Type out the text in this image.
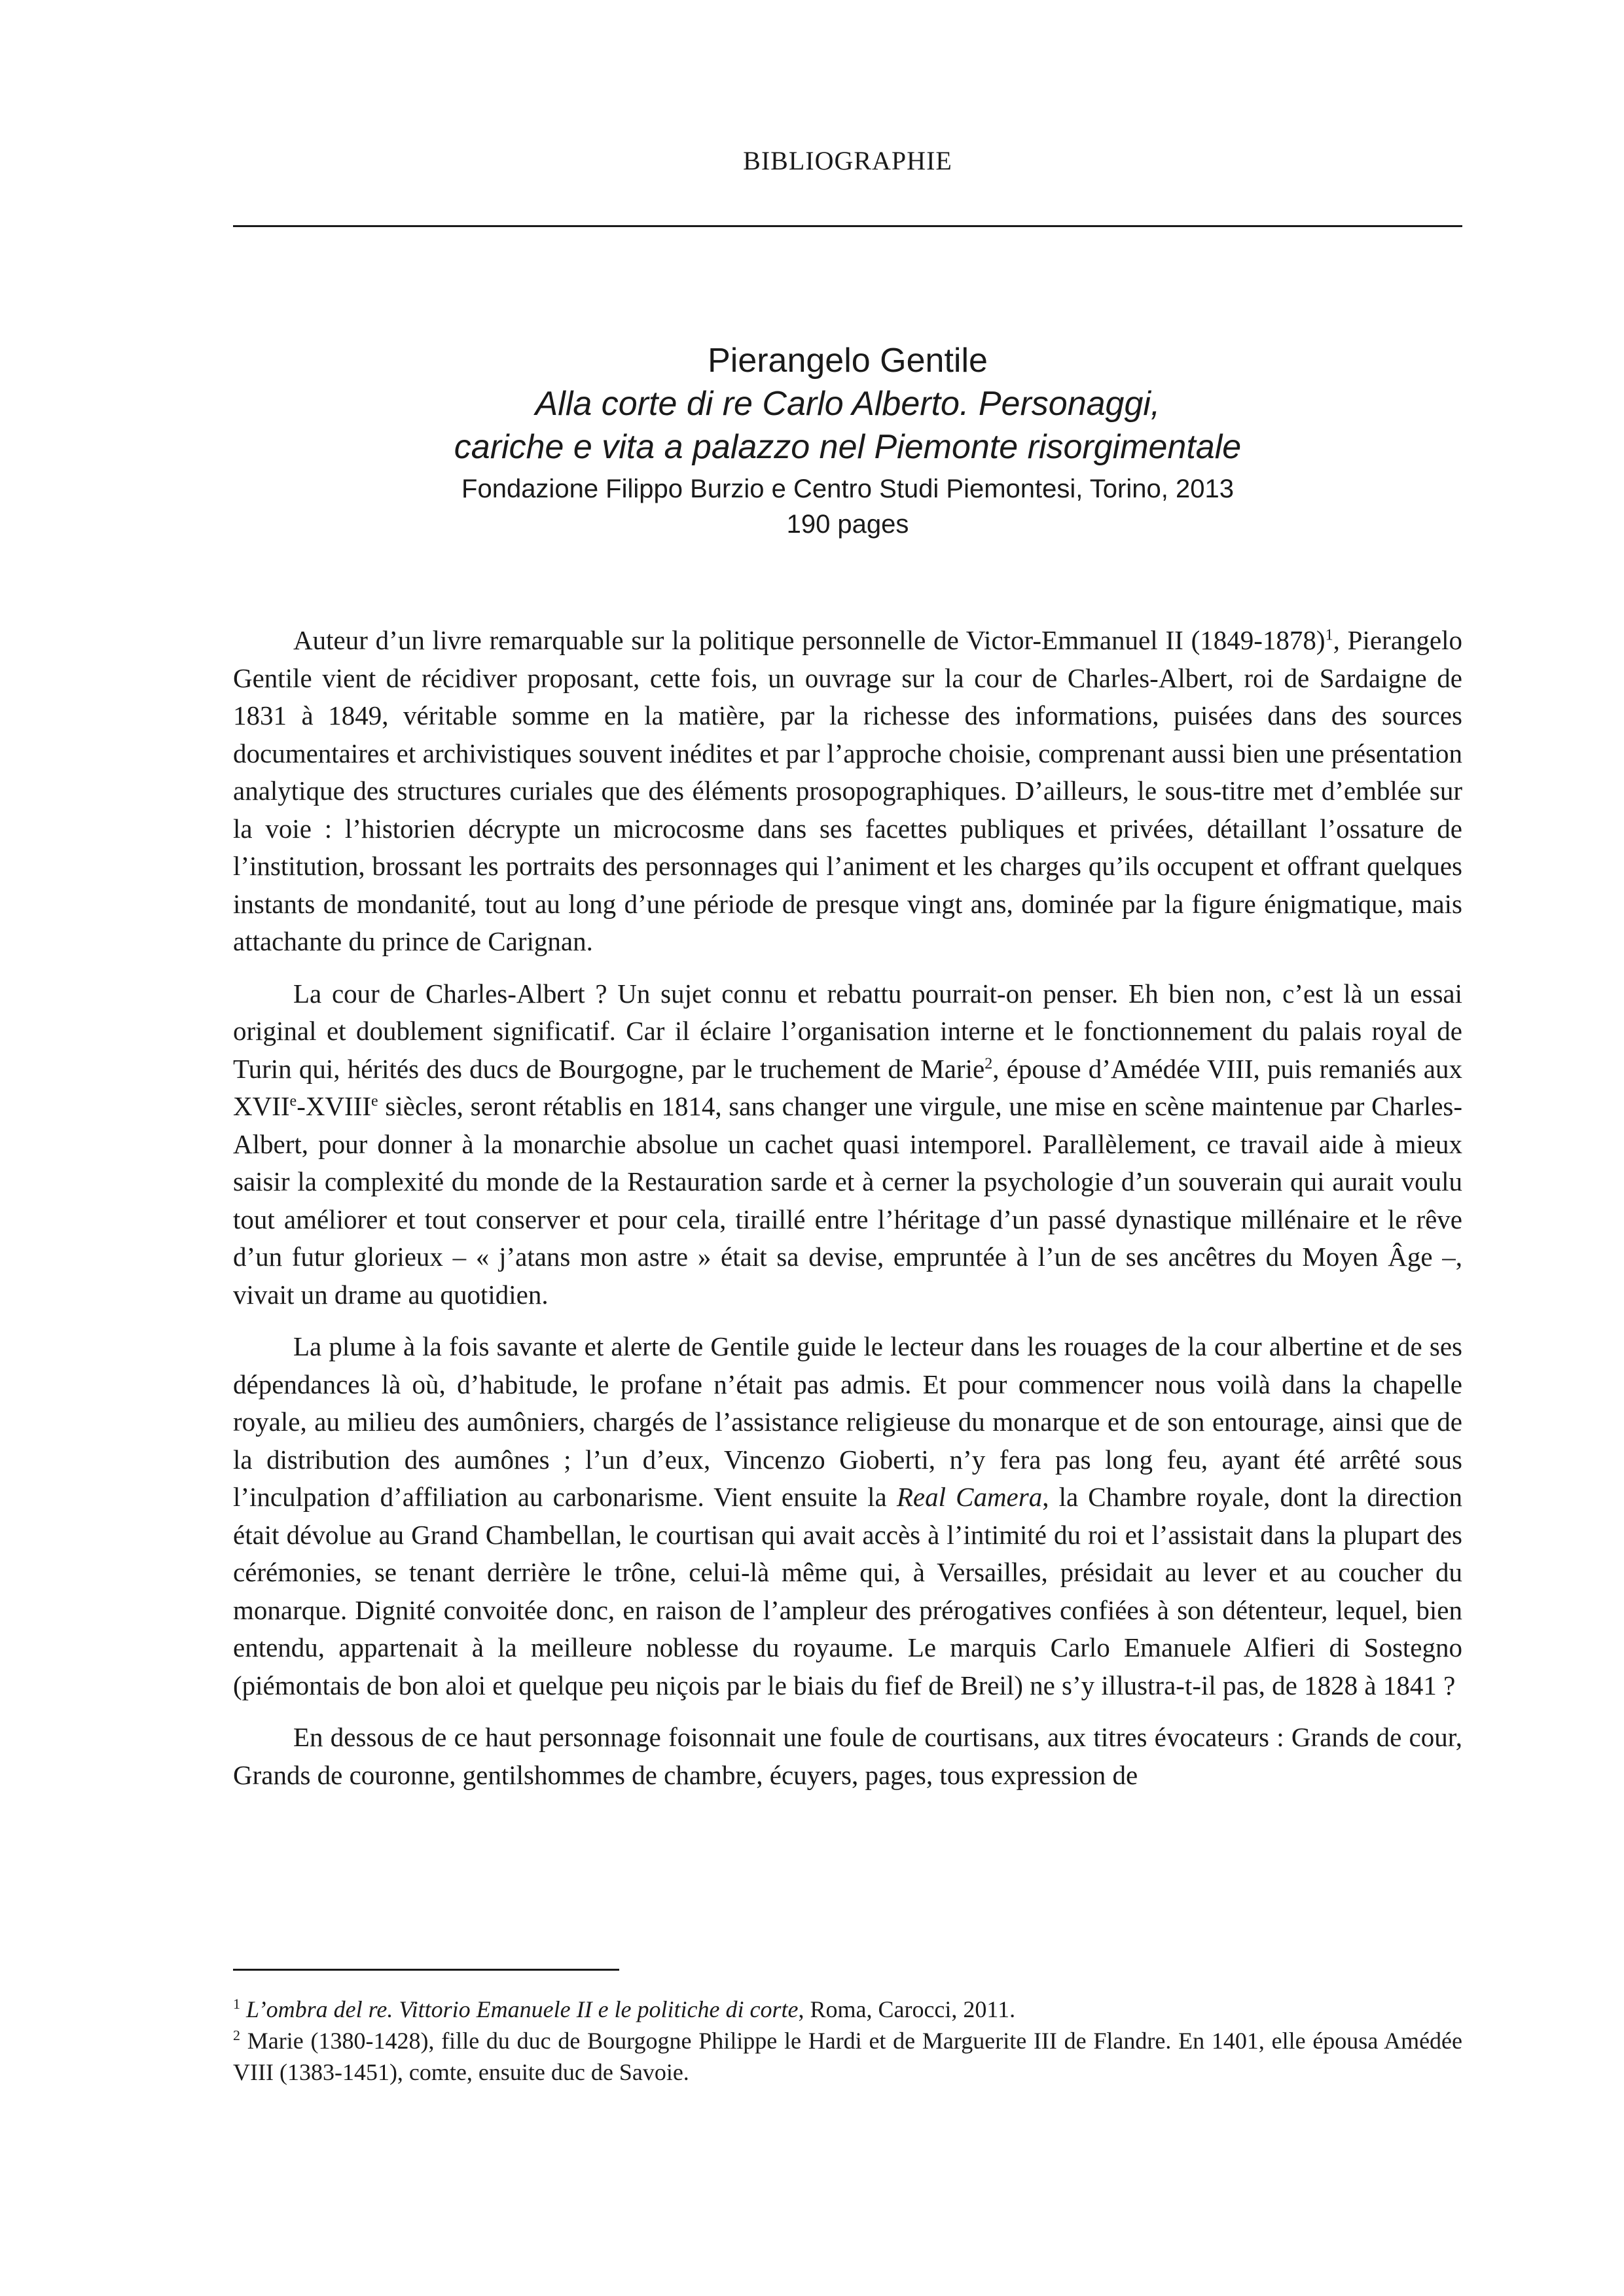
BIBLIOGRAPHIE
Pierangelo Gentile
Alla corte di re Carlo Alberto. Personaggi,
cariche e vita a palazzo nel Piemonte risorgimentale
Fondazione Filippo Burzio e Centro Studi Piemontesi, Torino, 2013
190 pages

Auteur d’un livre remarquable sur la politique personnelle de Victor-Emmanuel II (1849-1878)$^1$, Pierangelo Gentile vient de récidiver proposant, cette fois, un ouvrage sur la cour de Charles-Albert, roi de Sardaigne de 1831 à 1849, véritable somme en la matière, par la richesse des informations, puisées dans des sources documentaires et archivistiques souvent inédites et par l’approche choisie, comprenant aussi bien une présentation analytique des structures curiales que des éléments prosopographiques. D’ailleurs, le sous-titre met d’emblée sur la voie : l’historien décrypte un microcosme dans ses facettes publiques et privées, détaillant l’ossature de l’institution, brossant les portraits des personnages qui l’animent et les charges qu’ils occupent et offrant quelques instants de mondanité, tout au long d’une période de presque vingt ans, dominée par la figure énigmatique, mais attachante du prince de Carignan.

La cour de Charles-Albert ? Un sujet connu et rebattu pourrait-on penser. Eh bien non, c’est là un essai original et doublement significatif. Car il éclaire l’organisation interne et le fonctionnement du palais royal de Turin qui, hérités des ducs de Bourgogne, par le truchement de Marie$^2$, épouse d’Amédée VIII, puis remaniés aux XVIIe-XVIIIe siècles, seront rétablis en 1814, sans changer une virgule, une mise en scène maintenue par Charles-Albert, pour donner à la monarchie absolue un cachet quasi intemporel. Parallèlement, ce travail aide à mieux saisir la complexité du monde de la Restauration sarde et à cerner la psychologie d’un souverain qui aurait voulu tout améliorer et tout conserver et pour cela, tiraillé entre l’héritage d’un passé dynastique millénaire et le rêve d’un futur glorieux – « j’atans mon astre » était sa devise, empruntée à l’un de ses ancêtres du Moyen Âge –, vivait un drame au quotidien.

La plume à la fois savante et alerte de Gentile guide le lecteur dans les rouages de la cour albertine et de ses dépendances là où, d’habitude, le profane n’était pas admis. Et pour commencer nous voilà dans la chapelle royale, au milieu des aumôniers, chargés de l’assistance religieuse du monarque et de son entourage, ainsi que de la distribution des aumônes ; l’un d’eux, Vincenzo Gioberti, n’y fera pas long feu, ayant été arrêté sous l’inculpation d’affiliation au carbonarisme. Vient ensuite la Real Camera, la Chambre royale, dont la direction était dévolue au Grand Chambellan, le courtisan qui avait accès à l’intimité du roi et l’assistait dans la plupart des cérémonies, se tenant derrière le trône, celui-là même qui, à Versailles, présidait au lever et au coucher du monarque. Dignité convoitée donc, en raison de l’ampleur des prérogatives confiées à son détenteur, lequel, bien entendu, appartenait à la meilleure noblesse du royaume. Le marquis Carlo Emanuele Alfieri di Sostegno (piémontais de bon aloi et quelque peu niçois par le biais du fief de Breil) ne s’y illustra-t-il pas, de 1828 à 1841 ?

En dessous de ce haut personnage foisonnait une foule de courtisans, aux titres évocateurs : Grands de cour, Grands de couronne, gentilshommes de chambre, écuyers, pages, tous expression de

$^1$ L’ombra del re. Vittorio Emanuele II e le politiche di corte, Roma, Carocci, 2011.

$^2$ Marie (1380-1428), fille du duc de Bourgogne Philippe le Hardi et de Marguerite III de Flandre. En 1401, elle épousa Amédée VIII (1383-1451), comte, ensuite duc de Savoie.
